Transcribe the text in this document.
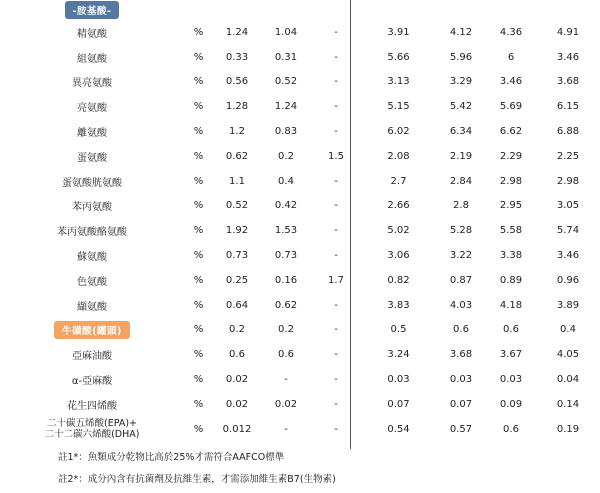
-胺基酸-								
精氨酸	%	1.24	1.04	-	3.91	4.12	4.36	4.91
組氨酸	%	0.33	0.31	-	5.66	5.96	6	3.46
異亮氨酸	%	0.56	0.52	-	3.13	3.29	3.46	3.68
亮氨酸	%	1.28	1.24	-	5.15	5.42	5.69	6.15
離氨酸	%	1.2	0.83	-	6.02	6.34	6.62	6.88
蛋氨酸	%	0.62	0.2	1.5	2.08	2.19	2.29	2.25
蛋氨酸胱氨酸	%	1.1	0.4	-	2.7	2.84	2.98	2.98
苯丙氨酸	%	0.52	0.42	-	2.66	2.8	2.95	3.05
苯丙氨酸酪氨酸	%	1.92	1.53	-	5.02	5.28	5.58	5.74
蘇氨酸	%	0.73	0.73	-	3.06	3.22	3.38	3.46
色氨酸	%	0.25	0.16	1.7	0.82	0.87	0.89	0.96
纈氨酸	%	0.64	0.62	-	3.83	4.03	4.18	3.89
牛磺酸(罐頭)	%	0.2	0.2	-	0.5	0.6	0.6	0.4
亞麻油酸	%	0.6	0.6	-	3.24	3.68	3.67	4.05
α-亞麻酸	%	0.02	-	-	0.03	0.03	0.03	0.04
花生四烯酸	%	0.02	0.02	-	0.07	0.07	0.09	0.14

二十碳五烯酸(EPA)+
二十二碳六烯酸(DHA)	%	0.012	-	-	0.54	0.57	0.6	0.19
註1*：魚類成分乾物比高於25%才需符合AAFCO標準
註2*：成分內含有抗菌劑及抗維生素，才需添加維生素B7(生物素)
